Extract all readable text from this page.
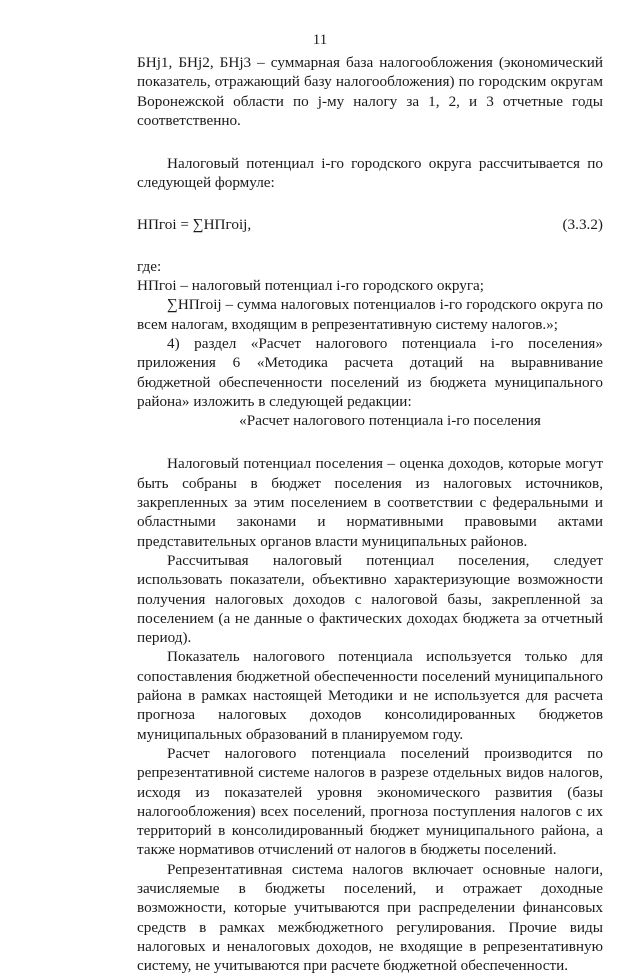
11

БНj1, БНj2, БНj3 – суммарная база налогообложения (экономический показатель, отражающий базу налогообложения) по городским округам Воронежской области по j-му налогу за 1, 2, и 3 отчетные годы соответственно.

Налоговый потенциал i-го городского округа рассчитывается по следующей формуле:

НПгоi = ∑НПгоij,	(3.3.2)

где:

НПгоi – налоговый потенциал i-го городского округа;

∑НПгоij – сумма налоговых потенциалов i-го городского округа по всем налогам, входящим в репрезентативную систему налогов.»;

4) раздел «Расчет налогового потенциала i-го поселения» приложения 6 «Методика расчета дотаций на выравнивание бюджетной обеспеченности поселений из бюджета муниципального района» изложить в следующей редакции:

«Расчет налогового потенциала i-го поселения

Налоговый потенциал поселения – оценка доходов, которые могут быть собраны в бюджет поселения из налоговых источников, закрепленных за этим поселением в соответствии с федеральными и областными законами и нормативными правовыми актами представительных органов власти муниципальных районов.

Рассчитывая налоговый потенциал поселения, следует использовать показатели, объективно характеризующие возможности получения налоговых доходов с налоговой базы, закрепленной за поселением (а не данные о фактических доходах бюджета за отчетный период).

Показатель налогового потенциала используется только для сопоставления бюджетной обеспеченности поселений муниципального района в рамках настоящей Методики и не используется для расчета прогноза налоговых доходов консолидированных бюджетов муниципальных образований в планируемом году.

Расчет налогового потенциала поселений производится по репрезентативной системе налогов в разрезе отдельных видов налогов, исходя из показателей уровня экономического развития (базы налогообложения) всех поселений, прогноза поступления налогов с их территорий в консолидированный бюджет муниципального района, а также нормативов отчислений от налогов в бюджеты поселений.

Репрезентативная система налогов включает основные налоги, зачисляемые в бюджеты поселений, и отражает доходные возможности, которые учитываются при распределении финансовых средств в рамках межбюджетного регулирования. Прочие виды налоговых и неналоговых доходов, не входящие в репрезентативную систему, не учитываются при расчете бюджетной обеспеченности.
